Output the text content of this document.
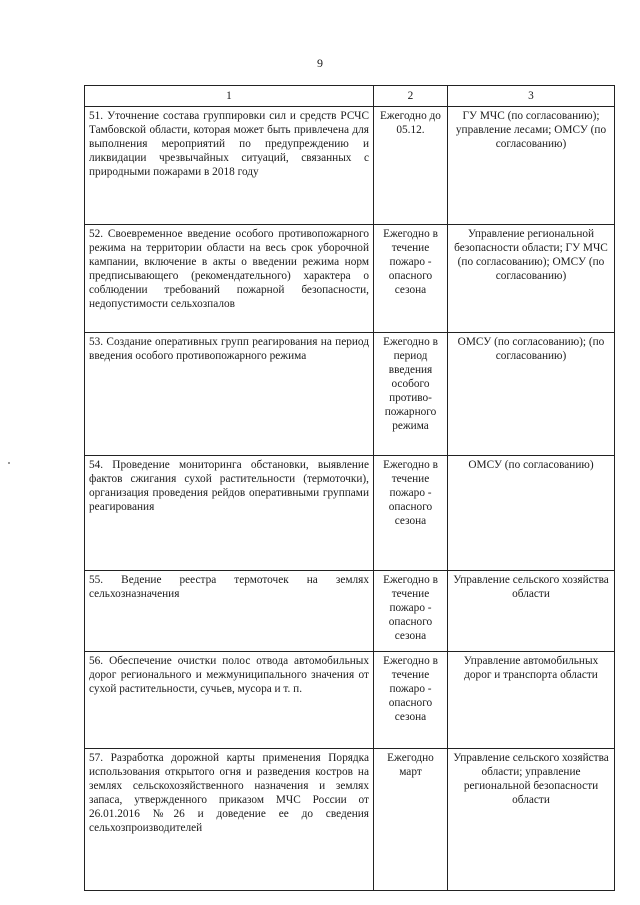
9
1	2	3
51. Уточнение состава группировки сил и средств РСЧС Тамбовской области, которая может быть привлечена для выполнения мероприятий по предупреждению и ликвидации чрезвычайных ситуаций, связанных с природными пожарами в 2018 году	Ежегодно до 05.12.	ГУ МЧС (по согласованию); управление лесами; ОМСУ (по согласованию)
52. Своевременное введение особого противопожарного режима на территории области на весь срок уборочной кампании, включение в акты о введении режима норм предписывающего (рекомендательного) характера о соблюдении требований пожарной безопасности, недопустимости сельхозпалов	Ежегодно в течение пожаро - опасного сезона	Управление региональной безопасности области; ГУ МЧС (по согласованию); ОМСУ (по согласованию)
53. Создание оперативных групп реагирования на период введения особого противопожарного режима	Ежегодно в период введения особого противо- пожарного режима	ОМСУ (по согласованию); (по согласованию)
54. Проведение мониторинга обстановки, выявление фактов сжигания сухой растительности (термоточки), организация проведения рейдов оперативными группами реагирования	Ежегодно в течение пожаро - опасного сезона	ОМСУ (по согласованию)
55. Ведение реестра термоточек на землях сельхозназначения	Ежегодно в течение пожаро - опасного сезона	Управление сельского хозяйства области
56. Обеспечение очистки полос отвода автомобильных дорог регионального и межмуниципального значения от сухой растительности, сучьев, мусора и т. п.	Ежегодно в течение пожаро - опасного сезона	Управление автомобильных дорог и транспорта области
57. Разработка дорожной карты применения Порядка использования открытого огня и разведения костров на землях сельскохозяйственного назначения и землях запаса, утвержденного приказом МЧС России от 26.01.2016 №26 и доведение ее до сведения сельхозпроизводителей	Ежегодно март	Управление сельского хозяйства области; управление региональной безопасности области
